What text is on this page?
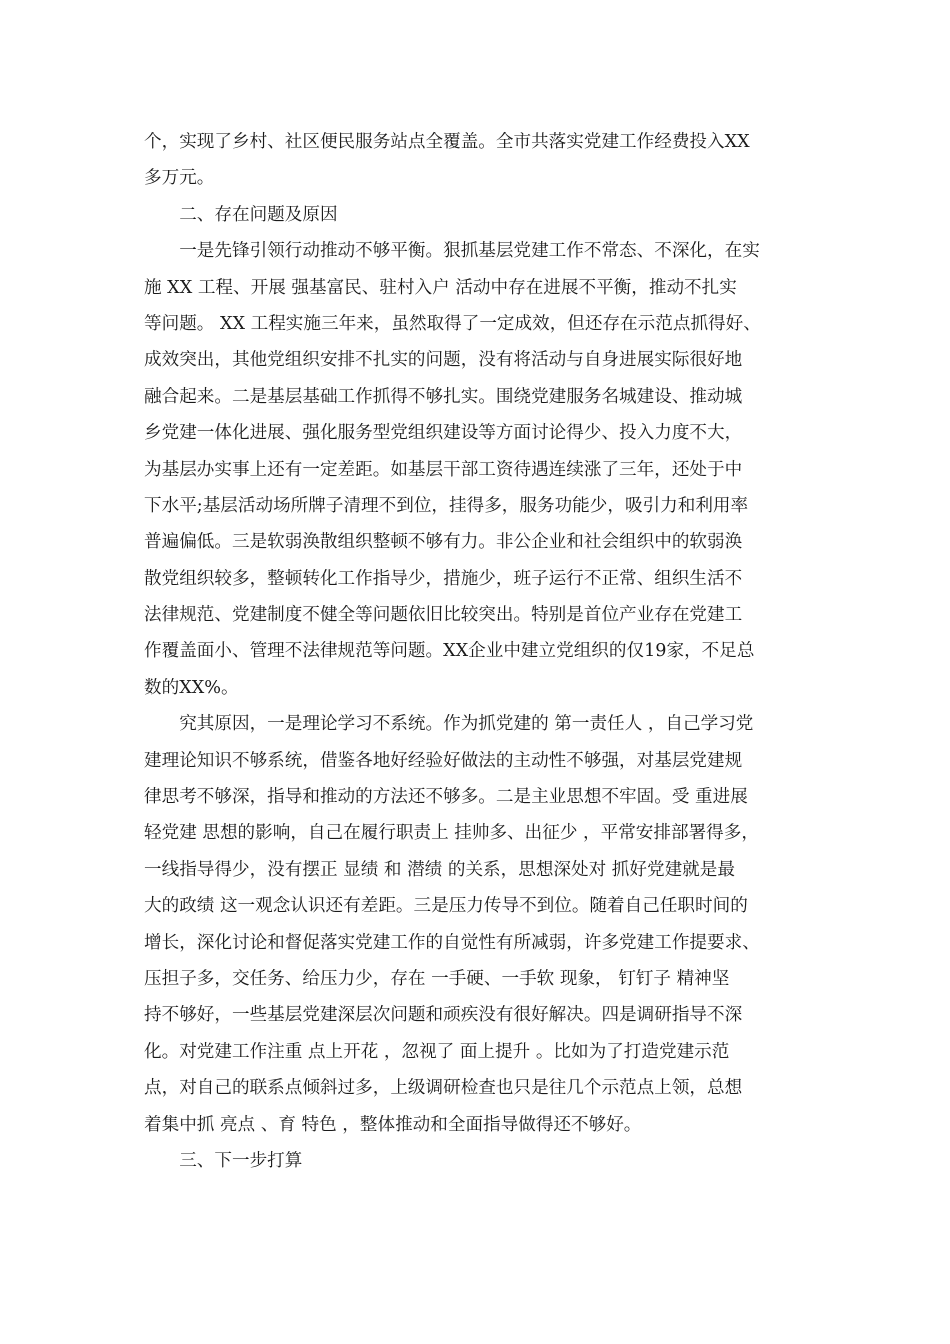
个，实现了乡村、社区便民服务站点全覆盖。全市共落实党建工作经费投入XX
多万元。
　　二、存在问题及原因
　　一是先锋引领行动推动不够平衡。狠抓基层党建工作不常态、不深化，在实
施 XX 工程、开展 强基富民、驻村入户 活动中存在进展不平衡，推动不扎实
等问题。 XX 工程实施三年来，虽然取得了一定成效，但还存在示范点抓得好、
成效突出，其他党组织安排不扎实的问题，没有将活动与自身进展实际很好地
融合起来。二是基层基础工作抓得不够扎实。围绕党建服务名城建设、推动城
乡党建一体化进展、强化服务型党组织建设等方面讨论得少、投入力度不大，
为基层办实事上还有一定差距。如基层干部工资待遇连续涨了三年，还处于中
下水平;基层活动场所牌子清理不到位，挂得多，服务功能少，吸引力和利用率
普遍偏低。三是软弱涣散组织整顿不够有力。非公企业和社会组织中的软弱涣
散党组织较多，整顿转化工作指导少，措施少，班子运行不正常、组织生活不
法律规范、党建制度不健全等问题依旧比较突出。特别是首位产业存在党建工
作覆盖面小、管理不法律规范等问题。XX企业中建立党组织的仅19家，不足总
数的XX%。
　　究其原因，一是理论学习不系统。作为抓党建的 第一责任人 ，自己学习党
建理论知识不够系统，借鉴各地好经验好做法的主动性不够强，对基层党建规
律思考不够深，指导和推动的方法还不够多。二是主业思想不牢固。受 重进展
轻党建 思想的影响，自己在履行职责上 挂帅多、出征少 ，平常安排部署得多，
一线指导得少，没有摆正 显绩 和 潜绩 的关系，思想深处对 抓好党建就是最
大的政绩 这一观念认识还有差距。三是压力传导不到位。随着自己任职时间的
增长，深化讨论和督促落实党建工作的自觉性有所减弱，许多党建工作提要求、
压担子多，交任务、给压力少，存在 一手硬、一手软 现象， 钉钉子 精神坚
持不够好，一些基层党建深层次问题和顽疾没有很好解决。四是调研指导不深
化。对党建工作注重 点上开花 ，忽视了 面上提升 。比如为了打造党建示范
点，对自己的联系点倾斜过多，上级调研检查也只是往几个示范点上领，总想
着集中抓 亮点 、育 特色 ，整体推动和全面指导做得还不够好。
　　三、下一步打算
